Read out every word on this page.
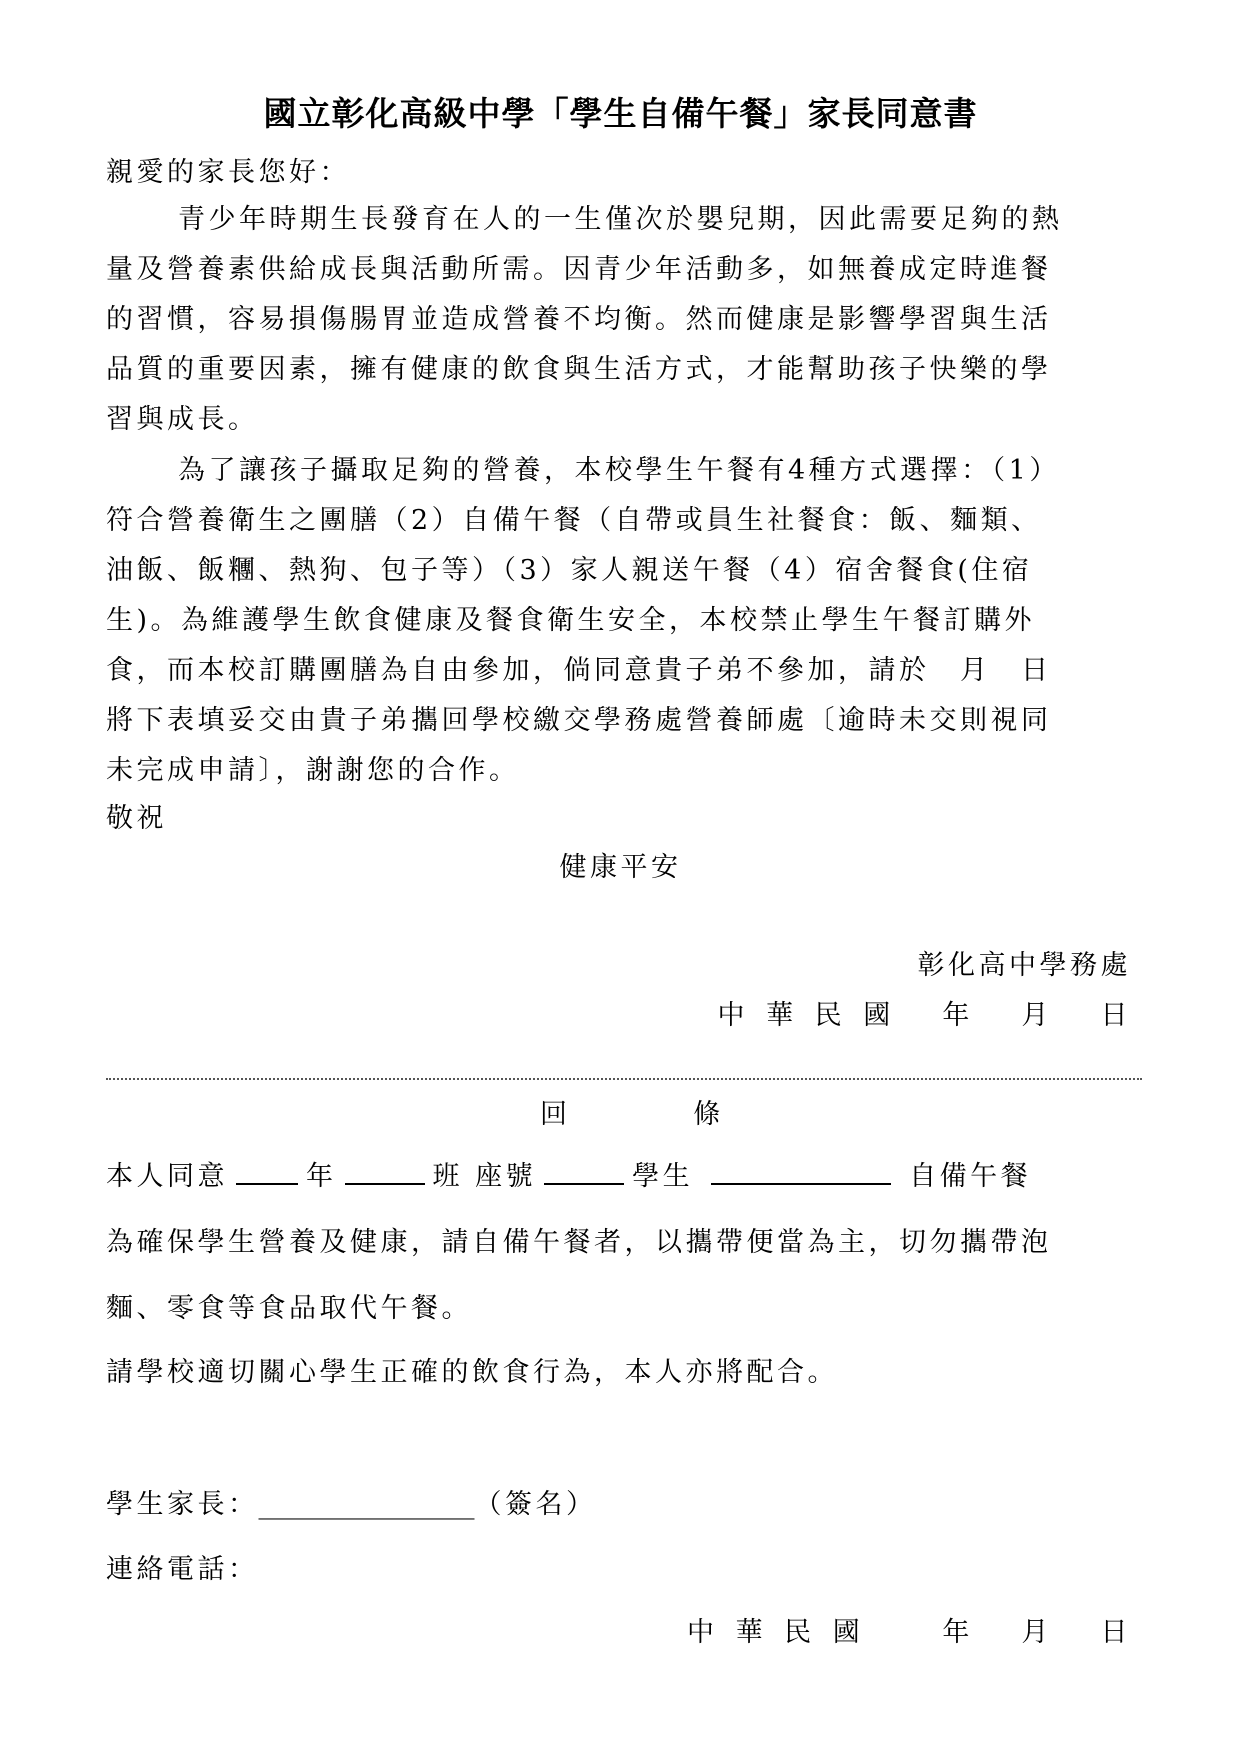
國立彰化高級中學「學生自備午餐」家長同意書

親愛的家長您好：

青少年時期生長發育在人的一生僅次於嬰兒期，因此需要足夠的熱

量及營養素供給成長與活動所需。因青少年活動多，如無養成定時進餐

的習慣，容易損傷腸胃並造成營養不均衡。然而健康是影響學習與生活

品質的重要因素，擁有健康的飲食與生活方式，才能幫助孩子快樂的學

習與成長。

為了讓孩子攝取足夠的營養，本校學生午餐有4種方式選擇：（1）

符合營養衛生之團膳（2）自備午餐（自帶或員生社餐食：飯、麵類、

油飯、飯糰、熱狗、包子等）（3）家人親送午餐（4）宿舍餐食(住宿

生)。為維護學生飲食健康及餐食衛生安全，本校禁止學生午餐訂購外

食，而本校訂購團膳為自由參加，倘同意貴子弟不參加，請於　月　日

將下表填妥交由貴子弟攜回學校繳交學務處營養師處〔逾時未交則視同

未完成申請〕，謝謝您的合作。

敬祝

健康平安

彰化高中學務處

中 華 民 國　 年　 月　 日

回	條
本人同意	年	班 座號	學生	自備午餐

為確保學生營養及健康，請自備午餐者，以攜帶便當為主，切勿攜帶泡

麵、零食等食品取代午餐。

請學校適切關心學生正確的飲食行為，本人亦將配合。

學生家長：________________（簽名）

連絡電話：

中 華 民 國　　 年　 月　 日
